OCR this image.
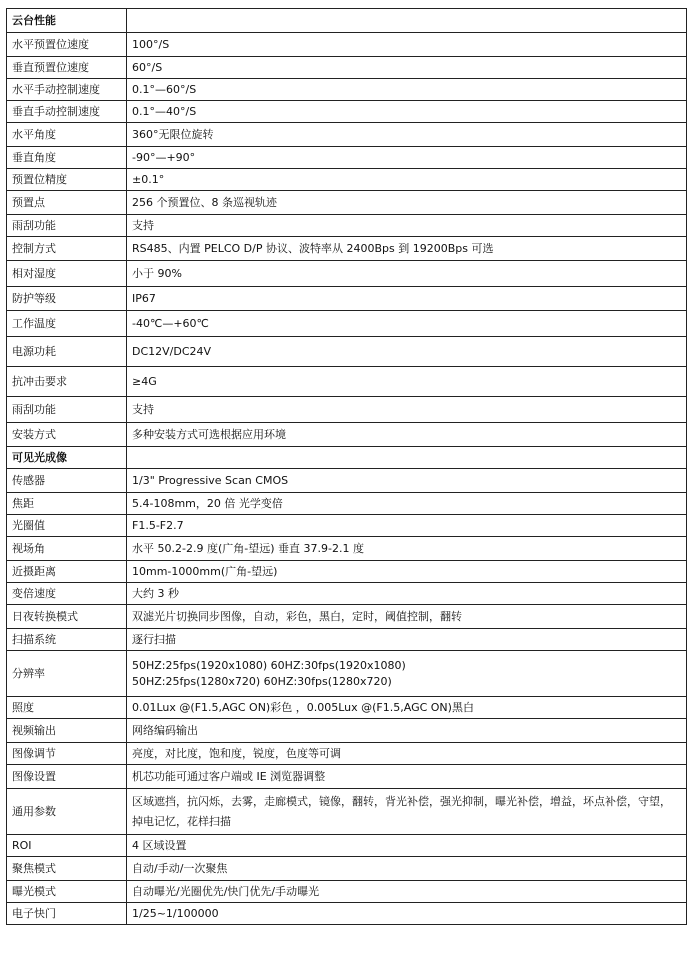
云台性能	
水平预置位速度	100°/S
垂直预置位速度	60°/S
水平手动控制速度	0.1°—60°/S
垂直手动控制速度	0.1°—40°/S
水平角度	360°无限位旋转
垂直角度	-90°—+90°
预置位精度	±0.1°
预置点	256 个预置位、8 条巡视轨迹
雨刮功能	支持
控制方式	RS485、内置 PELCO D/P 协议、波特率从 2400Bps 到 19200Bps 可选
相对湿度	小于 90%
防护等级	IP67
工作温度	-40℃—+60℃
电源功耗	DC12V/DC24V
抗冲击要求	≥4G
雨刮功能	支持
安装方式	多种安装方式可选根据应用环境
可见光成像	
传感器	1/3" Progressive Scan CMOS
焦距	5.4-108mm，20 倍 光学变倍
光圈值	F1.5-F2.7
视场角	水平 50.2-2.9 度(广角-望远) 垂直 37.9-2.1 度
近摄距离	10mm-1000mm(广角-望远)
变倍速度	大约 3 秒
日夜转换模式	双滤光片切换同步图像，自动，彩色，黑白，定时，阈值控制，翻转
扫描系统	逐行扫描
分辨率	50HZ:25fps(1920x1080) 60HZ:30fps(1920x1080)
50HZ:25fps(1280x720) 60HZ:30fps(1280x720)

照度	0.01Lux @(F1.5,AGC ON)彩色 ，0.005Lux @(F1.5,AGC ON)黑白
视频输出	网络编码输出
图像调节	亮度，对比度，饱和度，锐度，色度等可调
图像设置	机芯功能可通过客户端或 IE 浏览器调整
通用参数	区域遮挡，抗闪烁，去雾，走廊模式，镜像，翻转，背光补偿，强光抑制，曝光补偿，增益，坏点补偿，守望，掉电记忆，花样扫描
ROI	4 区域设置
聚焦模式	自动/手动/一次聚焦
曝光模式	自动曝光/光圈优先/快门优先/手动曝光
电子快门	1/25~1/100000
